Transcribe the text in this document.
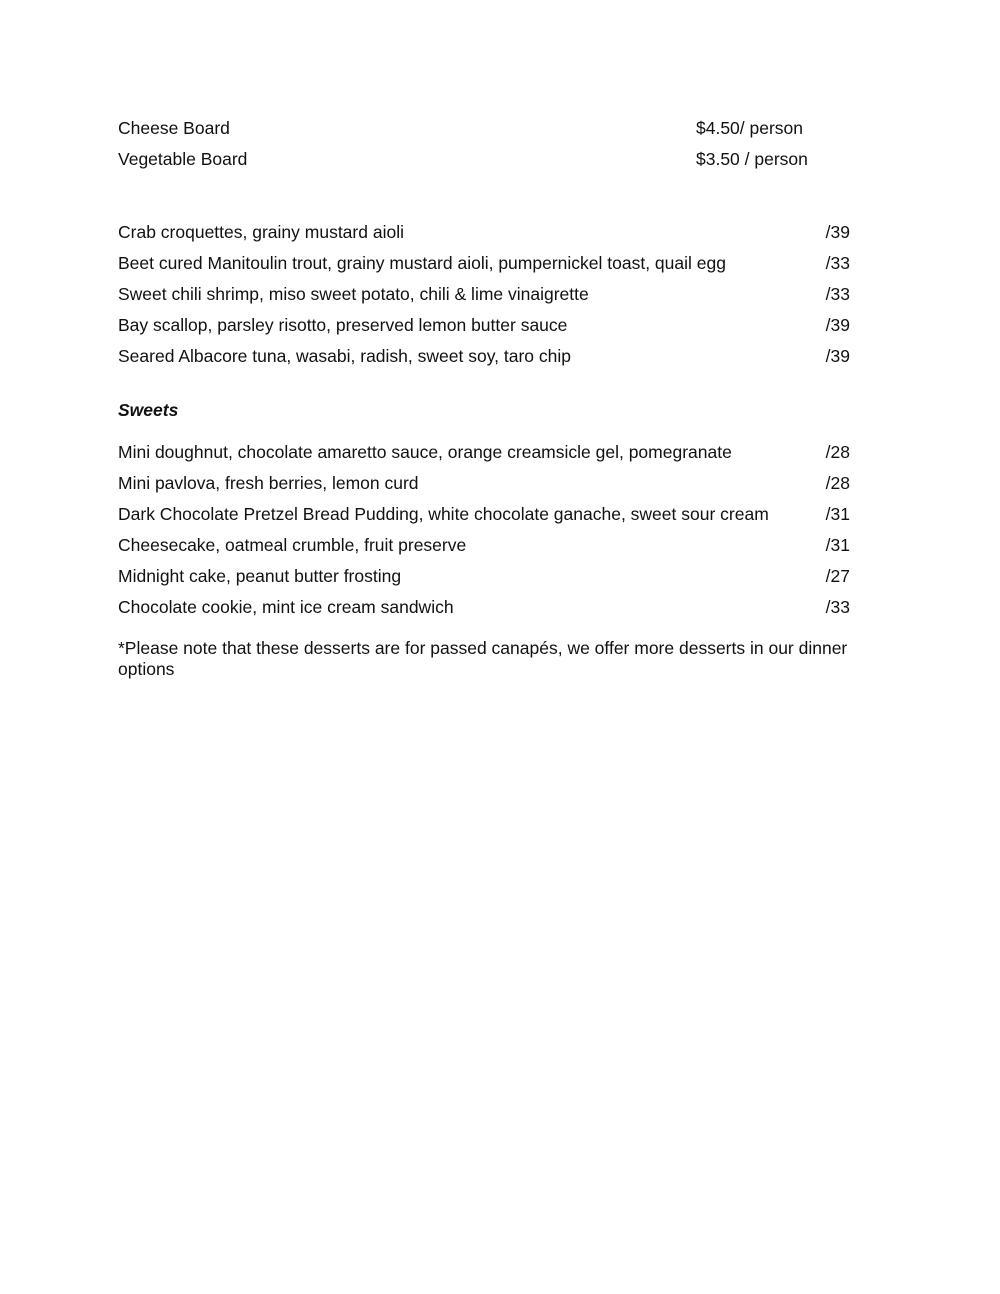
Cheese Board	$4.50/ person
Vegetable Board	$3.50 / person
Crab croquettes, grainy mustard aioli	/39
Beet cured Manitoulin trout, grainy mustard aioli, pumpernickel toast, quail egg	/33
Sweet chili shrimp, miso sweet potato, chili & lime vinaigrette	/33
Bay scallop, parsley risotto, preserved lemon butter sauce	/39
Seared Albacore tuna, wasabi, radish, sweet soy, taro chip	/39
Sweets
Mini doughnut, chocolate amaretto sauce, orange creamsicle gel, pomegranate	/28
Mini pavlova, fresh berries, lemon curd	/28
Dark Chocolate Pretzel Bread Pudding, white chocolate ganache, sweet sour cream	/31
Cheesecake, oatmeal crumble, fruit preserve	/31
Midnight cake, peanut butter frosting	/27
Chocolate cookie, mint ice cream sandwich	/33
*Please note that these desserts are for passed canapés, we offer more desserts in our dinner options
